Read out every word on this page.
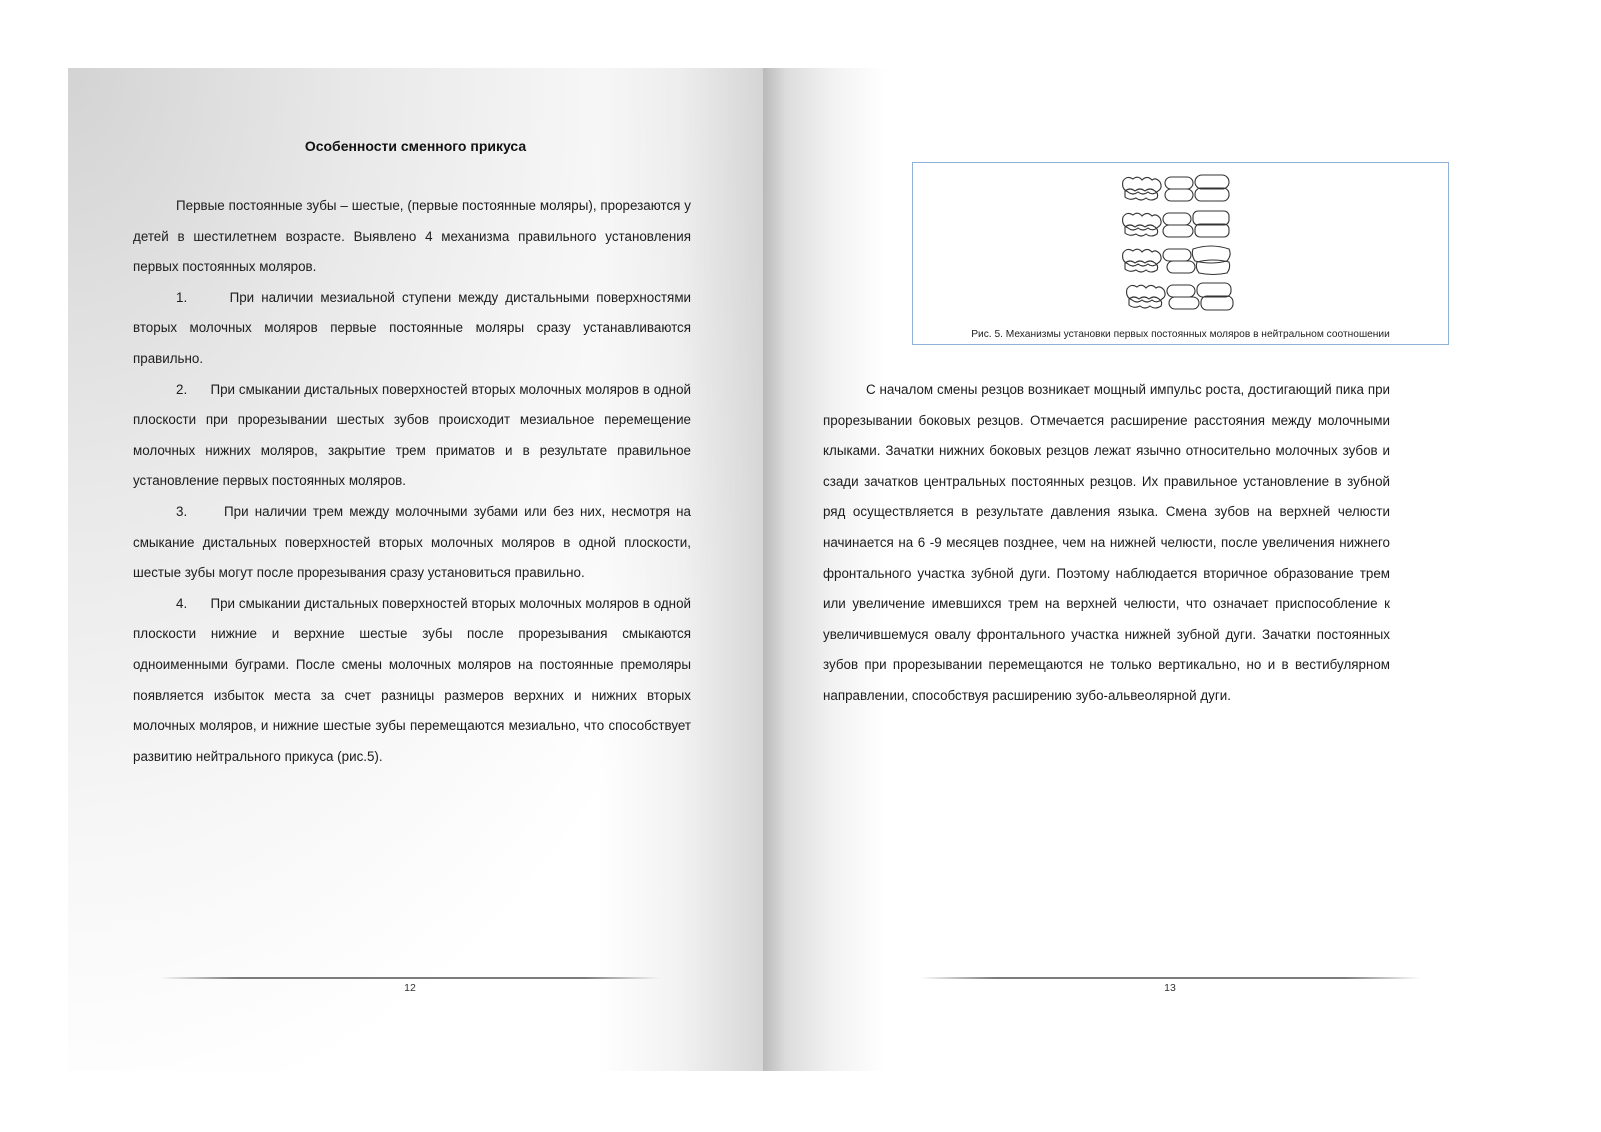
Особенности сменного прикуса

Первые постоянные зубы – шестые, (первые постоянные моляры), прорезаются у детей в шестилетнем возрасте. Выявлено 4 механизма правильного установления первых постоянных моляров.

1.      При наличии мезиальной ступени между дистальными поверхностями вторых молочных моляров первые постоянные моляры сразу устанавливаются правильно.

2.      При смыкании дистальных поверхностей вторых молочных моляров в одной плоскости при прорезывании шестых зубов происходит мезиальное перемещение молочных нижних моляров, закрытие трем приматов и в результате правильное установление первых постоянных моляров.

3.      При наличии трем между молочными зубами или без них, несмотря на смыкание дистальных поверхностей вторых молочных моляров в одной плоскости, шестые зубы могут после прорезывания сразу установиться правильно.

4.      При смыкании дистальных поверхностей вторых молочных моляров в одной плоскости нижние и верхние шестые зубы после прорезывания смыкаются одноименными буграми. После смены молочных моляров на постоянные премоляры появляется избыток места за счет разницы размеров верхних и нижних вторых молочных моляров, и нижние шестые зубы перемещаются мезиально, что способствует развитию нейтрального прикуса (рис.5).

12
Рис. 5. Механизмы установки первых постоянных моляров в нейтральном соотношении

С началом смены резцов возникает мощный импульс роста, достигающий пика при прорезывании боковых резцов. Отмечается расширение расстояния между молочными клыками. Зачатки нижних боковых резцов лежат язычно относительно молочных зубов и сзади зачатков центральных постоянных резцов. Их правильное установление в зубной ряд осуществляется в результате давления языка. Смена зубов на верхней челюсти начинается на 6 -9 месяцев позднее, чем на нижней челюсти, после увеличения нижнего фронтального участка зубной дуги. Поэтому наблюдается вторичное образование трем или увеличение имевшихся трем на верхней челюсти, что означает приспособление к увеличившемуся овалу фронтального участка нижней зубной дуги. Зачатки постоянных зубов при прорезывании перемещаются не только вертикально, но и в вестибулярном направлении, способствуя расширению зубо-альвеолярной дуги.

13
